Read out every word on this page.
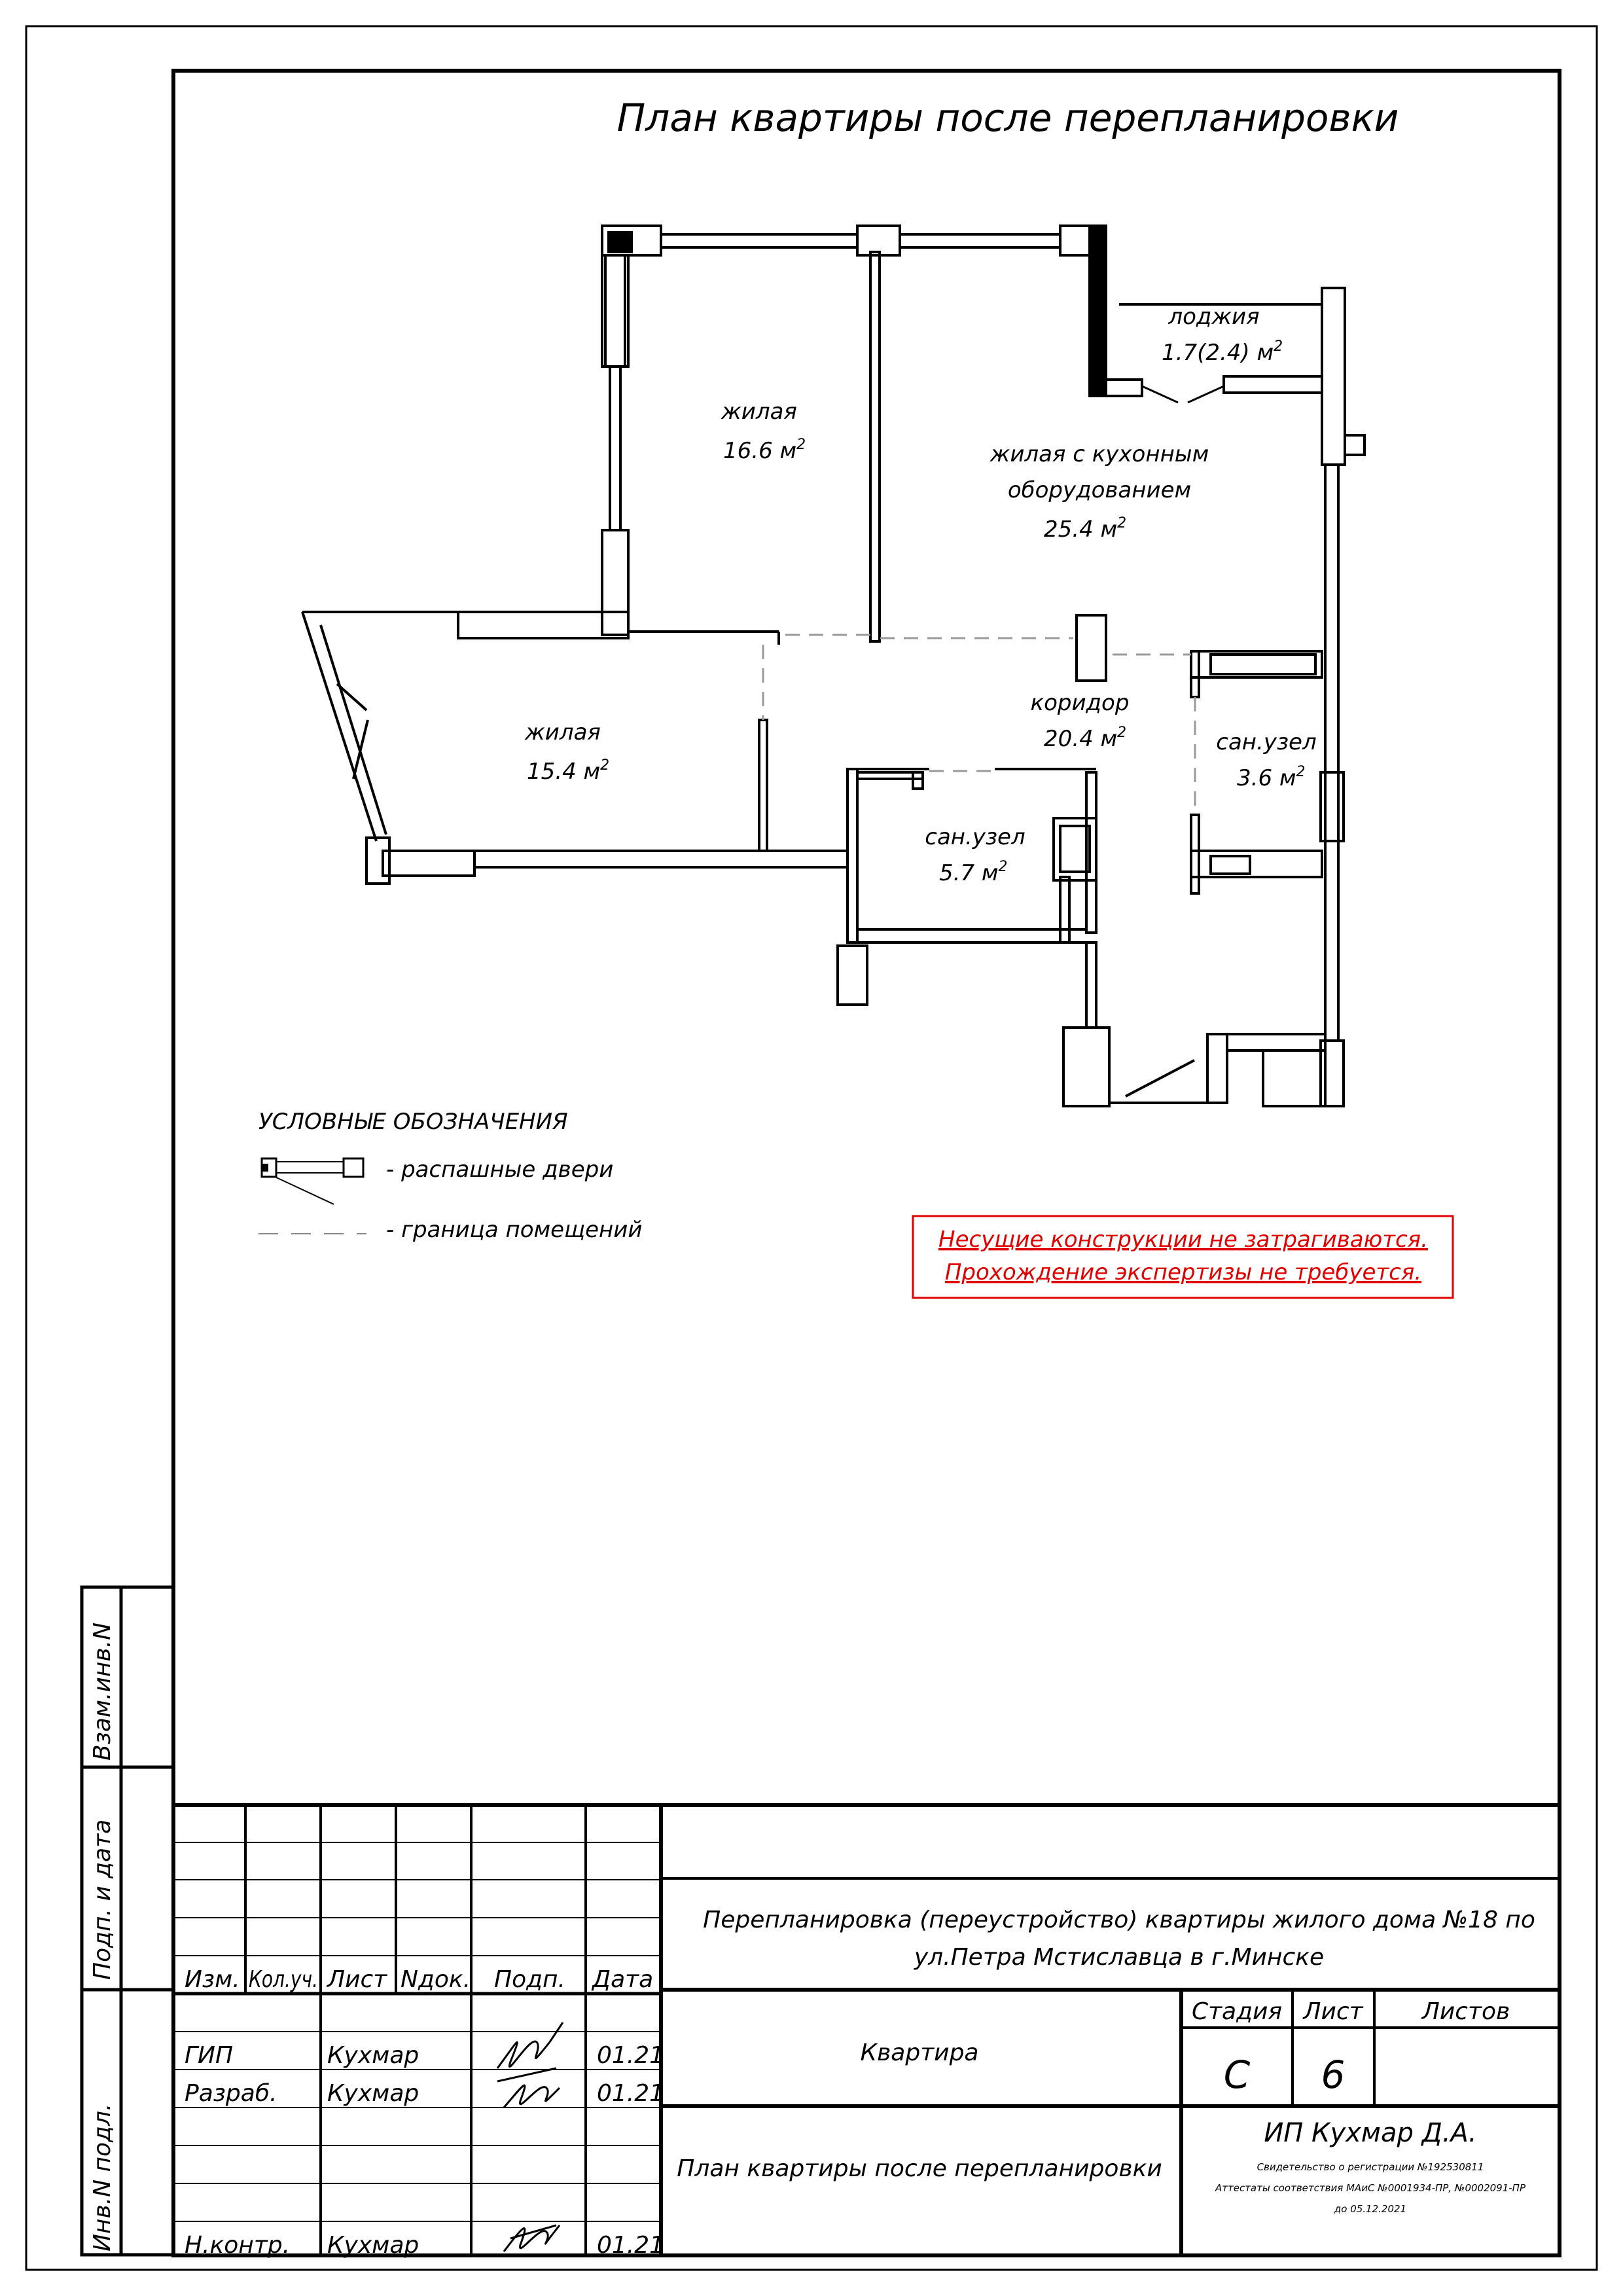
План квартиры после перепланировки
лоджия
1.7(2.4) $м^2$
жилая
16.6 $м^2$	жилая с кухонным
оборудованием
25.4 $м^2$
жилая
15.4 $м^2$
коридор
20.4 $м^2$	сан.узел
3.6 $м^2$
сан.узел
5.7 $м^2$
УСЛОВНЫЕ ОБОЗНАЧЕНИЯ
- распашные двери
- граница помещений	Несущие конструкции не затрагиваются.
Прохождение экспертизы не требуется.
Взам.инв.N
Подп. и дата
Инв.N подл.
Изм. Кол.уч. Лист Nдок. Подп. Дата
ГИП	Кухмар	01.21
Разраб. Кухмар	01.21
Н.контр. Кухмар	01.21
Перепланировка (переустройство) квартиры жилого дома №18 по
ул.Петра Мстиславца в г.Минске
Квартира
План квартиры после перепланировки
Стадия Лист	Листов
С 6
ИП Кухмар Д.А.
Свидетельство о регистрации №192530811
Аттестаты соответствия МАиС №0001934-ПР, №0002091-ПР
до 05.12.2021
